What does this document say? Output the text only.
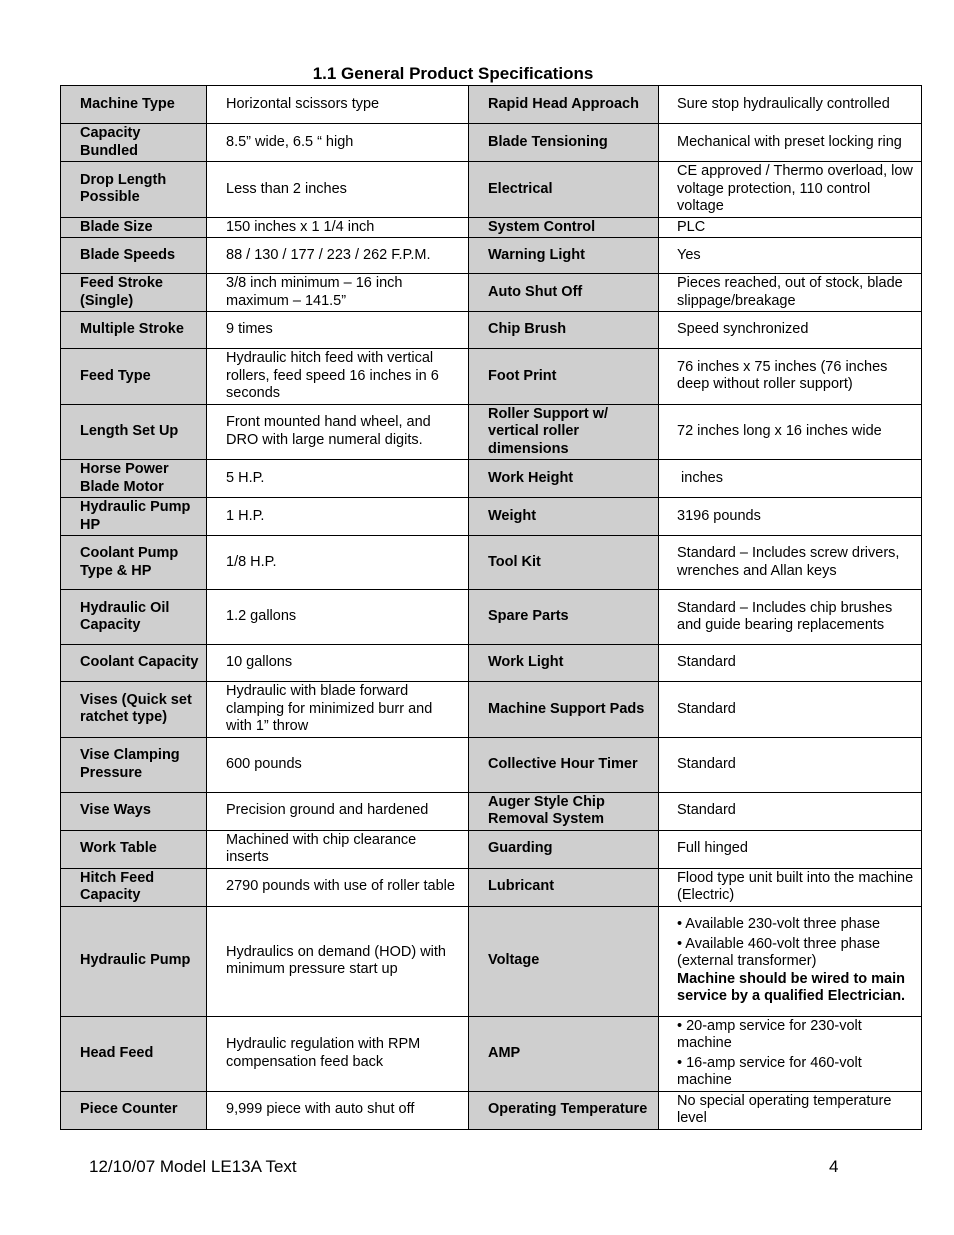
1.1 General Product Specifications
Machine Type	Horizontal scissors type	Rapid Head Approach	Sure stop hydraulically controlled
Capacity Bundled	8.5” wide, 6.5 “ high	Blade Tensioning	Mechanical with preset locking ring
Drop Length Possible	Less than 2 inches	Electrical	CE approved / Thermo overload, low voltage protection, 110 control voltage
Blade Size	150 inches x 1 1/4 inch	System Control	PLC
Blade Speeds	88 / 130 / 177 / 223 / 262 F.P.M.	Warning Light	Yes
Feed Stroke (Single)	3/8 inch minimum – 16 inch maximum – 141.5”	Auto Shut Off	Pieces reached, out of stock, blade slippage/breakage
Multiple Stroke	9 times	Chip Brush	Speed synchronized
Feed Type	Hydraulic hitch feed with vertical rollers, feed speed 16 inches in 6 seconds	Foot Print	76 inches x 75 inches (76 inches deep without roller support)
Length Set Up	Front mounted hand wheel, and DRO with large numeral digits.	Roller Support w/ vertical roller dimensions	72 inches long x 16 inches wide
Horse Power Blade Motor	5 H.P.	Work Height	inches
Hydraulic Pump HP	1 H.P.	Weight	3196 pounds
Coolant Pump Type & HP	1/8 H.P.	Tool Kit	Standard – Includes screw drivers, wrenches and Allan keys
Hydraulic Oil Capacity	1.2 gallons	Spare Parts	Standard – Includes chip brushes and guide bearing replacements
Coolant Capacity	10 gallons	Work Light	Standard
Vises (Quick set ratchet type)	Hydraulic with blade forward clamping for minimized burr and with 1” throw	Machine Support Pads	Standard
Vise Clamping Pressure	600 pounds	Collective Hour Timer	Standard
Vise Ways	Precision ground and hardened	Auger Style Chip Removal System	Standard
Work Table	Machined with chip clearance inserts	Guarding	Full hinged
Hitch Feed Capacity	2790 pounds with use of roller table	Lubricant	Flood type unit built into the machine (Electric)
Hydraulic Pump	Hydraulics on demand (HOD) with minimum pressure start up	Voltage	• Available 230-volt three phase
• Available 460-volt three phase (external transformer)
Machine should be wired to main service by a qualified Electrician.

Head Feed	Hydraulic regulation with RPM compensation feed back	AMP	• 20-amp service for 230-volt machine
• 16-amp service for 460-volt machine

Piece Counter	9,999 piece with auto shut off	Operating Temperature	No special operating temperature level
12/10/07 Model LE13A Text	4
